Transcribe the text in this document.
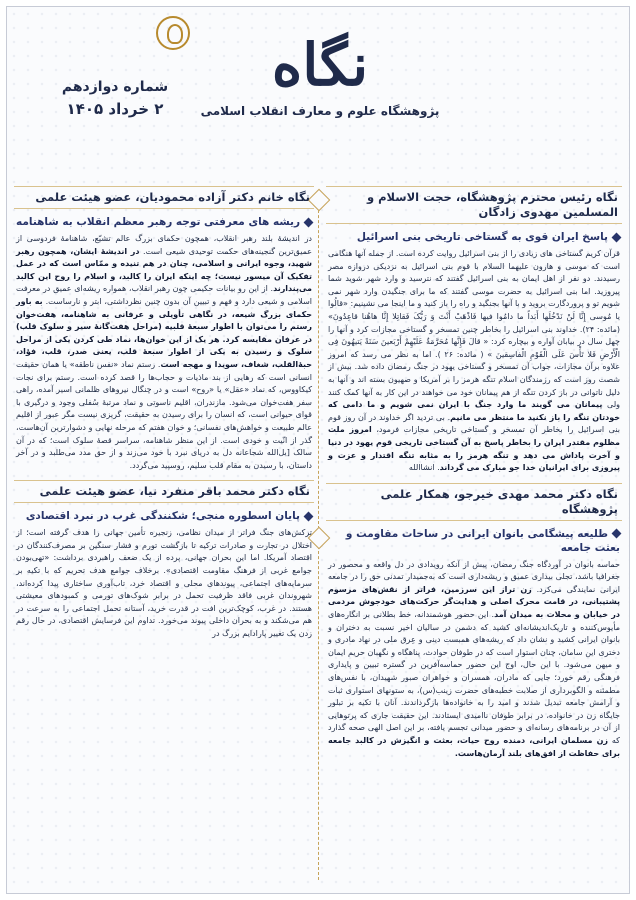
نگاه
پژوهشگاه علوم و معارف انقلاب اسلامی
شماره دوازدهم
۲ خرداد ۱۴۰۵
نگاه رئیس محترم پژوهشگاه، حجت الاسلام و المسلمین مهدوی زادگان
پاسخ ایران قوی به گستاخی تاریخی بنی اسرائیل

قرآن کریم گستاخی های زیادی را از بنی اسرائیل روایت کرده است. از جمله آنها هنگامی است که موسی و هارون علیهما السلام با قوم بنی اسرائیل به نزدیکی دروازه مصر رسیدند. دو نفر از اهل ایمان به بنی اسرائیل گفتند که نترسید و وارد شهر شوید شما پیروزید. اما بنی اسرائیل به حضرت موسی گفتند که ما برای جنگیدن وارد شهر نمی شویم تو و پروردگارت بروید و با آنها بجنگید و راه را باز کنید و ما اینجا می نشینیم: «قالُوا یا مُوسی إِنَّا لَنْ نَدْخُلَها أَبَداً ما دامُوا فیها فَاذْهَبْ أَنْتَ وَ رَبُّکَ فَقاتِلا إِنَّا هاهُنا قاعِدُونَ» (مائده: ۲۴). خداوند بنی اسرائیل را بخاطر چنین تمسخر و گستاخی مجازات کرد و آنها را چهل سال در بیابان آواره و بیچاره کرد: « قالَ فَإِنَّها مُحَرَّمَةٌ عَلَیْهِمْ أَرْبَعینَ سَنَةً یَتیهُونَ فِی الْأَرْضِ فَلا تَأْسَ عَلَی الْقَوْمِ الْفاسِقینَ » ( مائده: ۲۶ ). اما به نظر می رسد که امروز علاوه برآن مجازات، جواب آن تمسخر و گستاخی یهود در جنگ رمضان داده شد. بیش از شصت روز است که رزمندگان اسلام تنگه هرمز را بر آمریکا و صهیون بسته اند و آنها به دلیل ناتوانی در باز کردن تنگه از هم پیمانان خود می خواهند در این کار به آنها کمک کنند ولی پیمانان می گویند ما وارد جنگ با ایران نمی شویم و ما دامی که خودتان تنگه را باز نکنید ما منتظر می مانیم. بی تردید اگر خداوند در آن روز قوم بنی اسرائیل را بخاطر آن تمسخر و گستاخی تاریخی مجازات فرمود، امروز ملت مظلوم مقتدر ایران را بخاطر پاسخ به آن گستاخی تاریخی قوم یهود در دنیا و آخرت پاداش می دهد و تنگه هرمز را به مثابه تنگه اقتدار و عزت و پیروزی برای ایرانیان خدا جو مبارک می گرداند. انشاالله

نگاه دکتر محمد مهدی خیرجو، همکار علمی پژوهشگاه
طلیعه پیشگامی بانوان ایرانی در ساحات مقاومت و بعثت جامعه

حماسه بانوان در آوردگاه جنگ رمضان، پیش از آنکه رویدادی در دل واقعه و محصور در جغرافیا باشد، تجلی بیداری عمیق و ریشه‌داری است که به‌جمیدار تمدنی حق را در جامعه ایرانی نمایندگی می‌کرد. زن تراز این سرزمین، فراتر از نقش‌های مرسوم پشتیبانی، در قامت محرک اصلی و هدایت‌گر حرکت‌های خودجوش مردمی در خیابان و محلات به میدان آمد. این حضور هوشمندانه، خط بطلانی بر انگاره‌های مأیوس‌کننده و تاریک‌اندیشانه‌ای کشید که دشمن در سالیان اخیر نسبت به دختران و بانوان ایرانی کشید و نشان داد که ریشه‌های همبست دینی و عِرق ملی در نهاد مادری و دختری این سامان، چنان استوار است که در طوفان حوادث، پناهگاه و نگهبان حریم ایمان و میهن می‌شود. با این حال، اوج این حضور حماسه‌آفرین در گستره تبیین و پایداری فرهنگی رقم خورد؛ جایی که مادران، همسران و خواهران صبور شهیدان، با نفس‌های مطمئنه و الگوبرداری از صلابت خطبه‌های حضرت زینب(س)، به ستونهای استواری ثبات و آرامش جامعه تبدیل شدند و امید را به خانواده‌ها بازگرداندند. آنان با تکیه بر تبلور جایگاه زن در خانواده، در برابر طوفان ناامیدی ایستادند. این حقیقت جاری که پرتوهایی از آن در برنامه‌های رسانه‌ای و حضور میدانی تجسم یافته، بر این اصل الهی صحه گذارد که زن مسلمان ایرانی، دمنده روح حیات، بعثت و انگیزش در کالبد جامعه برای حفاظت از افق‌های بلند آرمان‌هاست.

نگاه خانم دکتر آزاده محمودیان، عضو هیئت علمی
ریشه های معرفتی توجه رهبر معظم انقلاب به شاهنامه

در اندیشهٔ بلند رهبر انقلاب، همچون حکمای بزرگ عالم تشیّع، شاهنامهٔ فردوسی از عمیق‌ترین گنجینه‌های حکمت توحیدی شیعی است. در اندیشهٔ ایشان، همچون رهبر شهید، وجوه ایرانی و اسلامی، چنان در هم تنیده و ممّاس است که در عمل تفکیک آن میسور نیست؛ چه اینکه ایران را کالبد، و اسلام را روح این کالبد می‌پندارند. از این رو بیانات حکیمی چون رهبر انقلاب، همواره ریشه‌ای عمیق در معرفت اسلامی و شیعی دارد و فهم و تبیین آن بدون چنین نظرداشتی، ابتر و نارساست. به باور حکمای بزرگ شیعه، در نگاهی تأویلی و عرفانی به شاهنامه، هفت‌خوان رستم را می‌توان با اطوار سبعهٔ قلبیه (مراحل هفت‌گانهٔ سیر و سلوک قلب) در عرفان مقایسه کرد. هر یک از این خوان‌ها، نماد طی کردن یکی از مراحل سلوک و رسیدن به یکی از اطوار سبعهٔ قلب، یعنی صدر، قلب، فؤاد، حبهٔ‌القلب، شغاف، سویدا و مهجه است. رستم نماد «نفس ناطقه» یا همان حقیقت انسانی است که رهایی از بند ماذیات و حجاب‌ها را قصد کرده است. رستم برای نجات کیکاووس، که نماد «عقل» یا «روح» است و در چنگال نیروهای ظلمانی اسیر آمده، راهی سفر هفت‌خوان می‌شود. مازندران، اقلیم ناسوتی و نماد مرتبهٔ سُفلی وجود و درگیری با قوای حیوانی است، که انسان را برای رسیدن به حقیقت، گریزی نیست مگر عبور از اقلیم عالم طبیعت و خواهش‌های نفسانی؛ و خوان هفتم که مرحله نهایی و دشوارترین آن‌هاست، گذر از انّیت و خودی است. از این منظر شاهنامه، سراسر قصهٔ سلوک است؛ که در آن سالک [یل‌الله شجاعانه دل به دریای نبرد با خود می‌زند و از حق مدد می‌طلبد و در آخر داستان، با رسیدن به مقام قلب سلیم، روسپید می‌گردد.

نگاه دکتر محمد باقر منفرد نیا، عضو هیئت علمی
پایان اسطوره منجی؛ شکنندگی غرب در نبرد اقتصادی

ترکش‌های جنگ فراتر از میدان نظامی، زنجیره تأمین جهانی را هدف گرفته است؛ از اختلال در تجارت و صادرات ترکیه تا بازگشت تورم و فشار سنگین بر مصرف‌کنندگان در اقتصاد آمریکا. اما این بحران جهانی، پرده از یک ضعف راهبردی برداشت: «تهی‌بودن جوامع غربی از فرهنگ مقاومت اقتصادی». برخلاف جوامع هدف تحریم که با تکیه بر سرمایه‌های اجتماعی، پیوندهای محلی و اقتصاد خرد، تاب‌آوری ساختاری پیدا کرده‌اند، شهروندان غربی فاقد ظرفیت تحمل در برابر شوک‌های تورمی و کمبودهای معیشتی هستند. در غرب، کوچک‌ترین افت در قدرت خرید، آستانه تحمل اجتماعی را به سرعت در هم می‌شکند و به بحران داخلی پیوند می‌خورد. تداوم این فرسایش اقتصادی، در حال رقم زدن یک تغییر پارادایم بزرگ در
